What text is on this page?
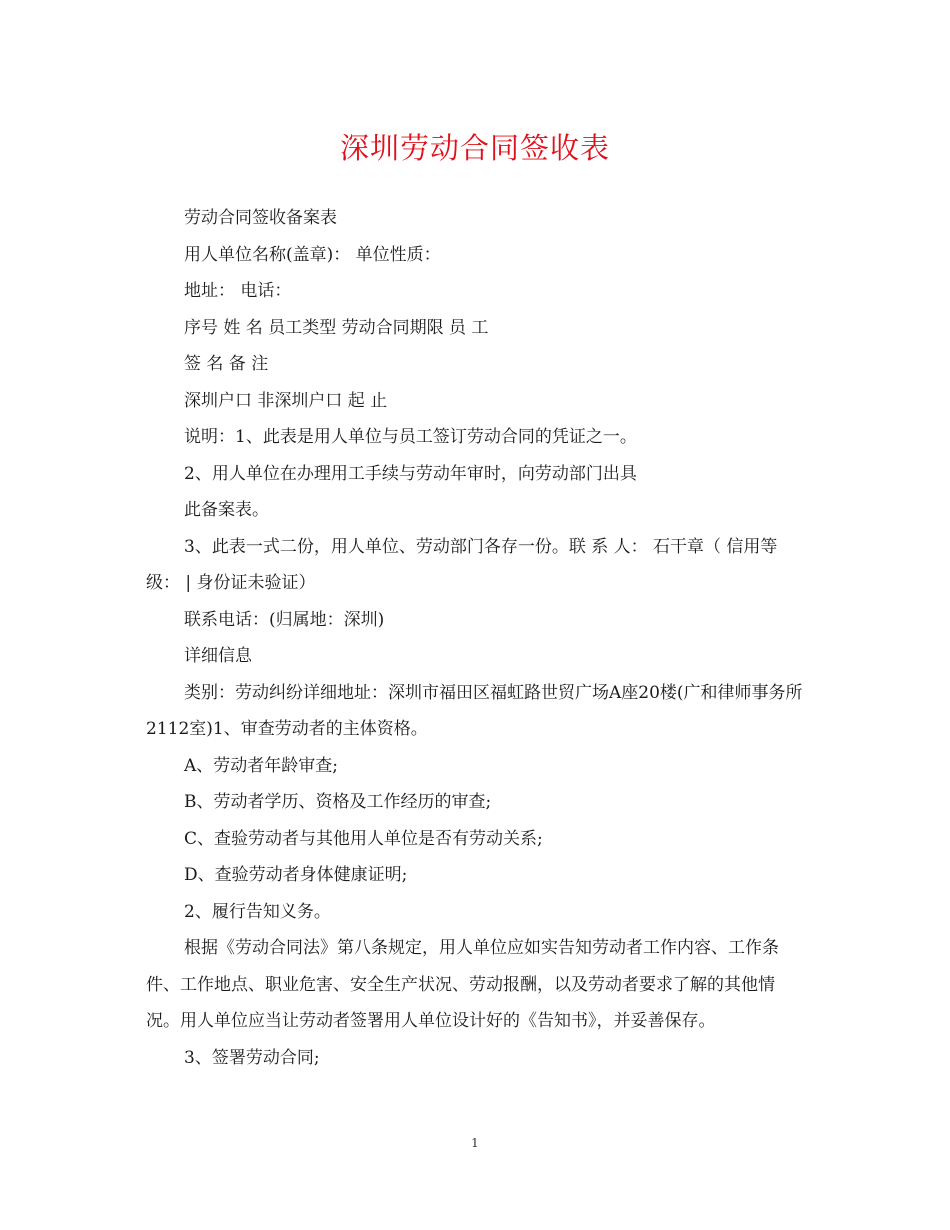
深圳劳动合同签收表

劳动合同签收备案表

用人单位名称(盖章)： 单位性质：

地址： 电话：

序号 姓 名 员工类型 劳动合同期限 员 工

签 名 备 注

深圳户口 非深圳户口 起 止

说明：1、此表是用人单位与员工签订劳动合同的凭证之一。

2、用人单位在办理用工手续与劳动年审时，向劳动部门出具

此备案表。

3、此表一式二份，用人单位、劳动部门各存一份。联 系 人： 石干章（ 信用等级： | 身份证未验证）

联系电话：(归属地：深圳)

详细信息

类别：劳动纠纷详细地址：深圳市福田区福虹路世贸广场A座20楼(广和律师事务所2112室)1、审查劳动者的主体资格。

A、劳动者年龄审查;

B、劳动者学历、资格及工作经历的审查;

C、查验劳动者与其他用人单位是否有劳动关系;

D、查验劳动者身体健康证明;

2、履行告知义务。

根据《劳动合同法》第八条规定，用人单位应如实告知劳动者工作内容、工作条件、工作地点、职业危害、安全生产状况、劳动报酬，以及劳动者要求了解的其他情况。用人单位应当让劳动者签署用人单位设计好的《告知书》，并妥善保存。

3、签署劳动合同;

1
